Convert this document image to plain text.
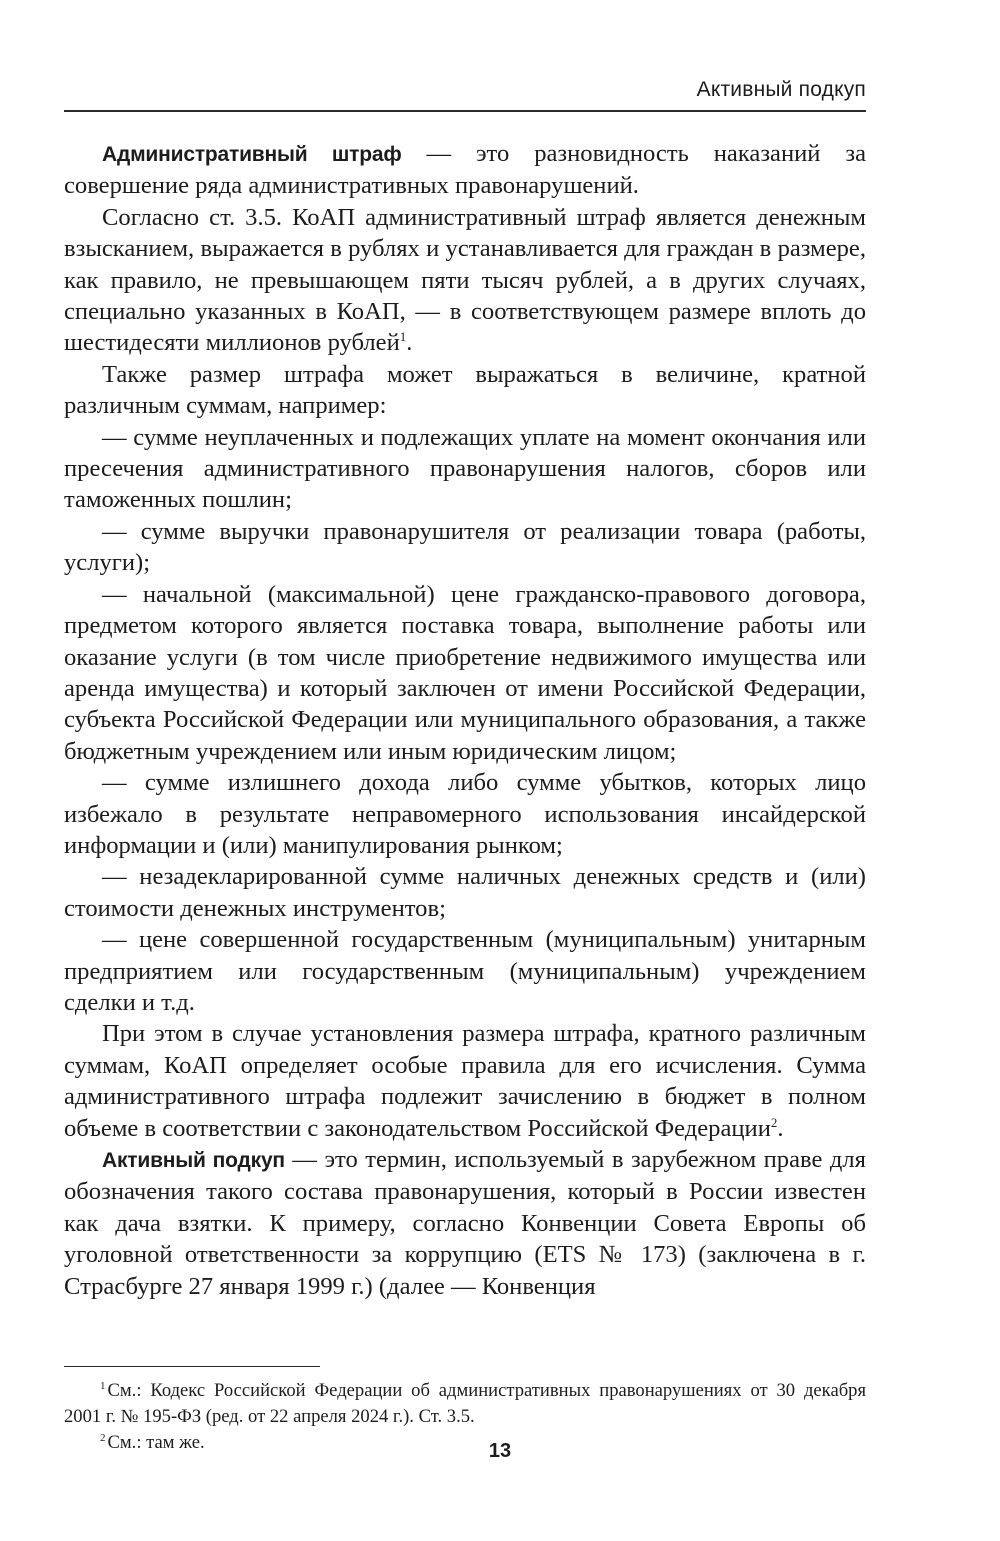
Активный подкуп

Административный штраф — это разновидность наказаний за совершение ряда административных правонарушений.

Согласно ст. 3.5. КоАП административный штраф является денежным взысканием, выражается в рублях и устанавливается для граждан в размере, как правило, не превышающем пяти тысяч рублей, а в других случаях, специально указанных в КоАП, — в соответствующем размере вплоть до шестидесяти миллионов рублей$^1$.

Также размер штрафа может выражаться в величине, кратной различным суммам, например:

— сумме неуплаченных и подлежащих уплате на момент окончания или пресечения административного правонарушения налогов, сборов или таможенных пошлин;

— сумме выручки правонарушителя от реализации товара (работы, услуги);

— начальной (максимальной) цене гражданско-правового договора, предметом которого является поставка товара, выполнение работы или оказание услуги (в том числе приобретение недвижимого имущества или аренда имущества) и который заключен от имени Российской Федерации, субъекта Российской Федерации или муниципального образования, а также бюджетным учреждением или иным юридическим лицом;

— сумме излишнего дохода либо сумме убытков, которых лицо избежало в результате неправомерного использования инсайдерской информации и (или) манипулирования рынком;

— незадекларированной сумме наличных денежных средств и (или) стоимости денежных инструментов;

— цене совершенной государственным (муниципальным) унитарным предприятием или государственным (муниципальным) учреждением сделки и т.д.

При этом в случае установления размера штрафа, кратного различным суммам, КоАП определяет особые правила для его исчисления. Сумма административного штрафа подлежит зачислению в бюджет в полном объеме в соответствии с законодательством Российской Федерации$^2$.

Активный подкуп — это термин, используемый в зарубежном праве для обозначения такого состава правонарушения, который в России известен как дача взятки. К примеру, согласно Конвенции Совета Европы об уголовной ответственности за коррупцию (ETS № 173) (заключена в г. Страсбурге 27 января 1999 г.) (далее — Конвенция

$^1$ См.: Кодекс Российской Федерации об административных правонарушениях от 30 декабря 2001 г. № 195-ФЗ (ред. от 22 апреля 2024 г.). Ст. 3.5.

$^2$ См.: там же.	13
